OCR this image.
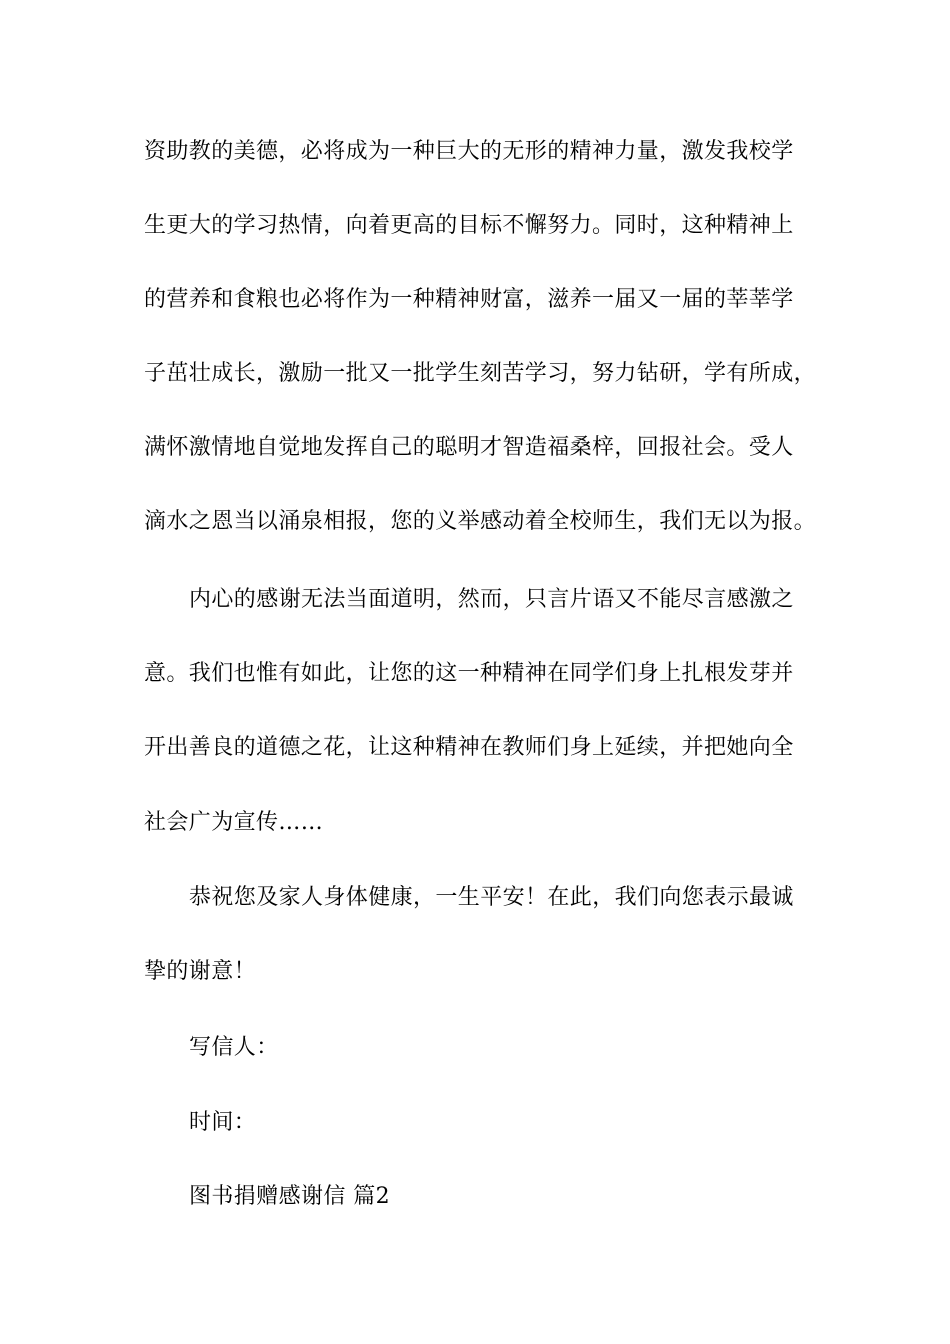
资助教的美德，必将成为一种巨大的无形的精神力量，激发我校学
生更大的学习热情，向着更高的目标不懈努力。同时，这种精神上
的营养和食粮也必将作为一种精神财富，滋养一届又一届的莘莘学
子茁壮成长，激励一批又一批学生刻苦学习，努力钻研，学有所成，
满怀激情地自觉地发挥自己的聪明才智造福桑梓，回报社会。受人
滴水之恩当以涌泉相报，您的义举感动着全校师生，我们无以为报。
内心的感谢无法当面道明，然而，只言片语又不能尽言感激之
意。我们也惟有如此，让您的这一种精神在同学们身上扎根发芽并
开出善良的道德之花，让这种精神在教师们身上延续，并把她向全
社会广为宣传……
恭祝您及家人身体健康，一生平安！在此，我们向您表示最诚
挚的谢意！
写信人：
时间：
图书捐赠感谢信 篇2
